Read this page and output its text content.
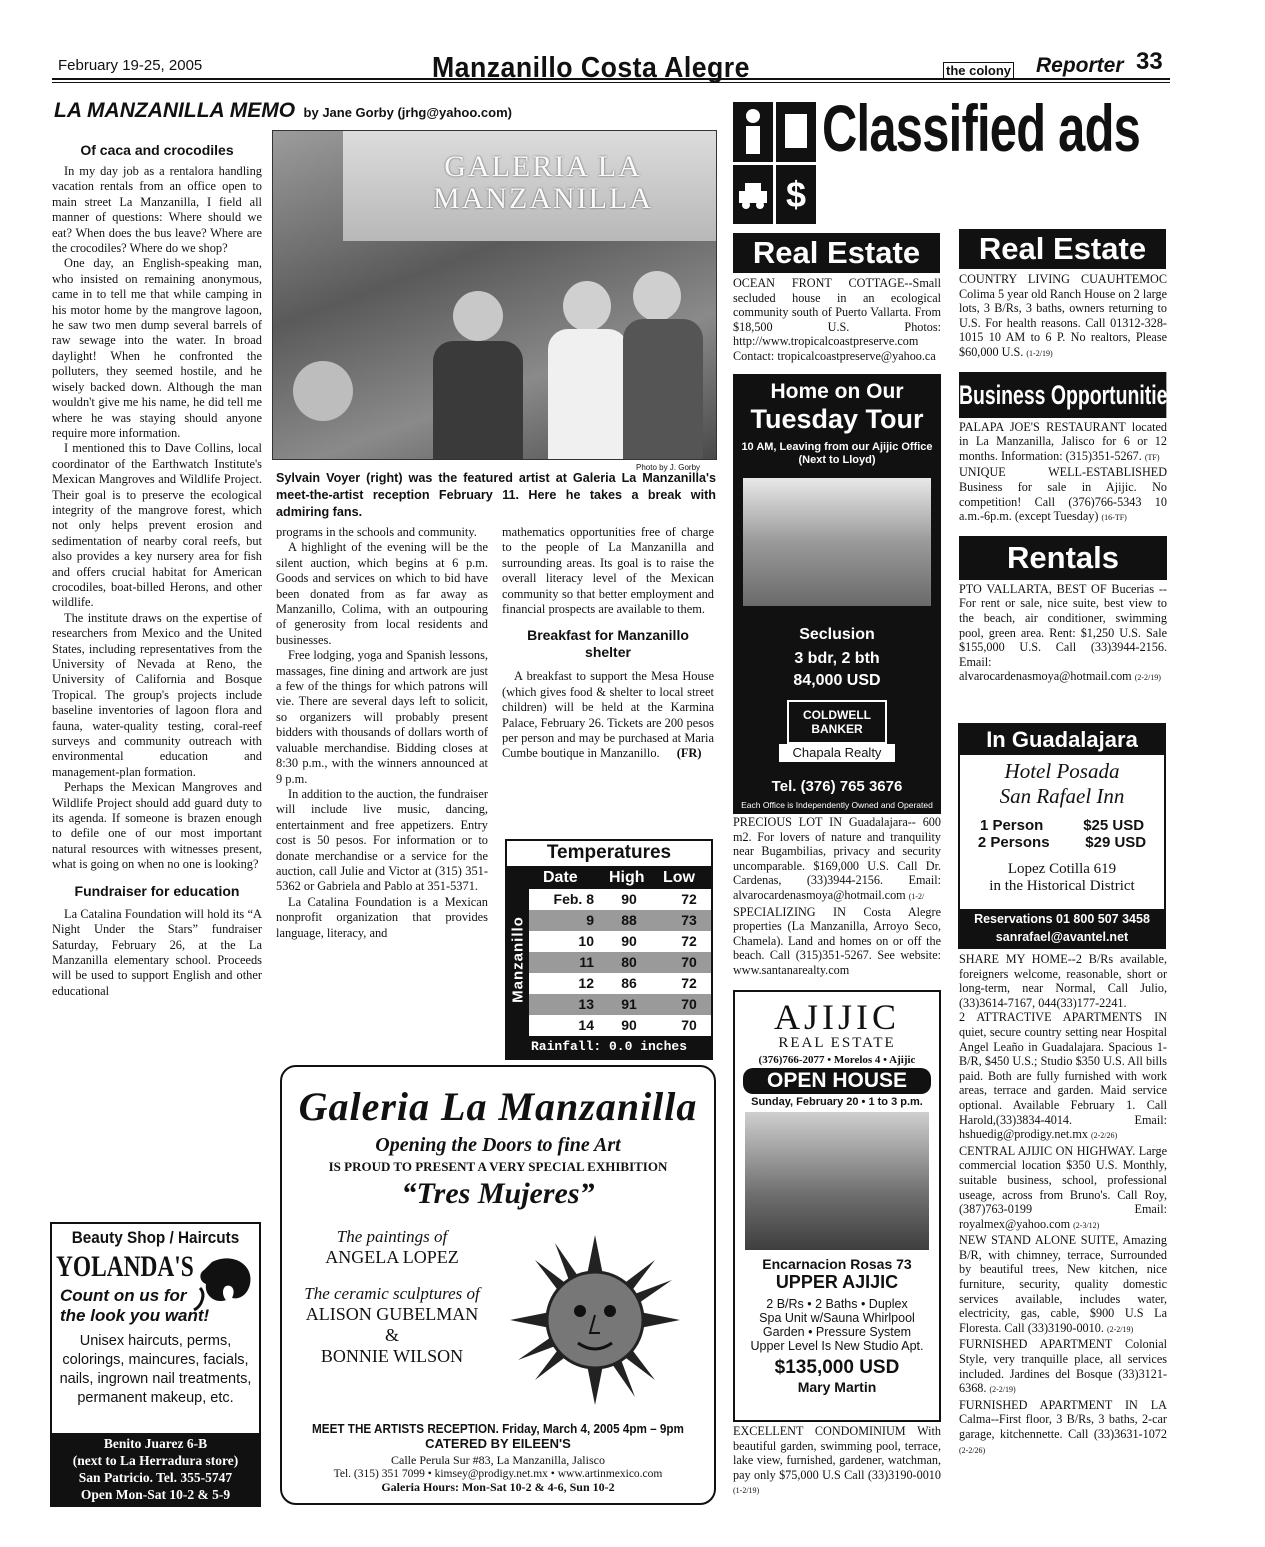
February 19-25, 2005	Manzanillo Costa Alegre	the colony Reporter 33
LA MANZANILLA MEMO by Jane Gorby (jrhg@yahoo.com)
Of caca and crocodiles

In my day job as a rentalora handling vacation rentals from an office open to main street La Manzanilla, I field all manner of questions: Where should we eat? When does the bus leave? Where are the crocodiles? Where do we shop?

One day, an English-speaking man, who insisted on remaining anonymous, came in to tell me that while camping in his motor home by the mangrove lagoon, he saw two men dump several barrels of raw sewage into the water. In broad daylight! When he confronted the polluters, they seemed hostile, and he wisely backed down. Although the man wouldn't give me his name, he did tell me where he was staying should anyone require more information.

I mentioned this to Dave Collins, local coordinator of the Earthwatch Institute's Mexican Mangroves and Wildlife Project. Their goal is to preserve the ecological integrity of the mangrove forest, which not only helps prevent erosion and sedimentation of nearby coral reefs, but also provides a key nursery area for fish and offers crucial habitat for American crocodiles, boat-billed Herons, and other wildlife.

The institute draws on the expertise of researchers from Mexico and the United States, including representatives from the University of Nevada at Reno, the University of California and Bosque Tropical. The group's projects include baseline inventories of lagoon flora and fauna, water-quality testing, coral-reef surveys and community outreach with environmental education and management-plan formation.

Perhaps the Mexican Mangroves and Wildlife Project should add guard duty to its agenda. If someone is brazen enough to defile one of our most important natural resources with witnesses present, what is going on when no one is looking?

Fundraiser for education

La Catalina Foundation will hold its “A Night Under the Stars” fundraiser Saturday, February 26, at the La Manzanilla elementary school. Proceeds will be used to support English and other educational

Beauty Shop / Haircuts
YOLANDA'S
Count on us for the look you want!
Unisex haircuts, perms, colorings, maincures, facials, nails, ingrown nail treatments, permanent makeup, etc.
Benito Juarez 6-B
(next to La Herradura store)
San Patricio. Tel. 355-5747
Open Mon-Sat 10-2 & 5-9
GALERIA LA MANZANILLA
Photo by J. Gorby
Sylvain Voyer (right) was the featured artist at Galeria La Manzanilla's meet-the-artist reception February 11. Here he takes a break with admiring fans.

programs in the schools and community.

A highlight of the evening will be the silent auction, which begins at 6 p.m. Goods and services on which to bid have been donated from as far away as Manzanillo, Colima, with an outpouring of generosity from local residents and businesses.

Free lodging, yoga and Spanish lessons, massages, fine dining and artwork are just a few of the things for which patrons will vie. There are several days left to solicit, so organizers will probably present bidders with thousands of dollars worth of valuable merchandise. Bidding closes at 8:30 p.m., with the winners announced at 9 p.m.

In addition to the auction, the fundraiser will include live music, dancing, entertainment and free appetizers. Entry cost is 50 pesos. For information or to donate merchandise or a service for the auction, call Julie and Victor at (315) 351-5362 or Gabriela and Pablo at 351-5371.

La Catalina Foundation is a Mexican nonprofit organization that provides language, literacy, and

mathematics opportunities free of charge to the people of La Manzanilla and surrounding areas. Its goal is to raise the overall literacy level of the Mexican community so that better employment and financial prospects are available to them.

Breakfast for Manzanillo shelter

A breakfast to support the Mesa House (which gives food & shelter to local street children) will be held at the Karmina Palace, February 26. Tickets are 200 pesos per person and may be purchased at Maria Cumbe boutique in Manzanillo. (FR)

Temperatures
Date High Low
Manzanillo
Feb. 8	90	72
9	88	73
10	90	72
11	80	70
12	86	72
13	91	70
14	90	70
Rainfall: 0.0 inches
Galeria La Manzanilla
Opening the Doors to fine Art
IS PROUD TO PRESENT A VERY SPECIAL EXHIBITION
“Tres Mujeres”
The paintings of
ANGELA LOPEZ
The ceramic sculptures of
ALISON GUBELMAN
&
BONNIE WILSON
MEET THE ARTISTS RECEPTION. Friday, March 4, 2005 4pm – 9pm
CATERED BY EILEEN'S
Calle Perula Sur #83, La Manzanilla, Jalisco
Tel. (315) 351 7099 • kimsey@prodigy.net.mx • www.artinmexico.com
Galeria Hours: Mon-Sat 10-2 & 4-6, Sun 10-2
$
Classified ads
Real Estate
OCEAN FRONT COTTAGE--Small secluded house in an ecological community south of Puerto Vallarta. From $18,500 U.S. Photos: http://www.tropicalcoastpreserve.com Contact: tropicalcoastpreserve@yahoo.ca
Home on Our
Tuesday Tour
10 AM, Leaving from our Ajijic Office (Next to Lloyd)
Seclusion
3 bdr, 2 bth
84,000 USD
COLDWELL
BANKER
Chapala Realty
Tel. (376) 765 3676
Each Office is Independently Owned and Operated
PRECIOUS LOT IN Guadalajara-- 600 m2. For lovers of nature and tranquility near Bugambilias, privacy and security uncomparable. $169,000 U.S. Call Dr. Cardenas, (33)3944-2156. Email: alvarocardenasmoya@hotmail.com (1-2/
SPECIALIZING IN Costa Alegre properties (La Manzanilla, Arroyo Seco, Chamela). Land and homes on or off the beach. Call (315)351-5267. See website: www.santanarealty.com
AJIJIC
REAL ESTATE
(376)766-2077 • Morelos 4 • Ajijic
OPEN HOUSE
Sunday, February 20 • 1 to 3 p.m.
Encarnacion Rosas 73
UPPER AJIJIC
2 B/Rs • 2 Baths • Duplex
Spa Unit w/Sauna Whirlpool
Garden • Pressure System
Upper Level Is New Studio Apt.
$135,000 USD
Mary Martin
EXCELLENT CONDOMINIUM With beautiful garden, swimming pool, terrace, lake view, furnished, gardener, watchman, pay only $75,000 U.S Call (33)3190-0010 (1-2/19)
Real Estate
COUNTRY LIVING CUAUHTEMOC Colima 5 year old Ranch House on 2 large lots, 3 B/Rs, 3 baths, owners returning to U.S. For health reasons. Call 01312-328-1015 10 AM to 6 P. No realtors, Please $60,000 U.S. (1-2/19)
Business Opportunities
PALAPA JOE'S RESTAURANT located in La Manzanilla, Jalisco for 6 or 12 months. Information: (315)351-5267. (TF)
UNIQUE WELL-ESTABLISHED Business for sale in Ajijic. No competition! Call (376)766-5343 10 a.m.-6p.m. (except Tuesday) (16-TF)
Rentals
PTO VALLARTA, BEST OF Bucerias -- For rent or sale, nice suite, best view to the beach, air conditioner, swimming pool, green area. Rent: $1,250 U.S. Sale $155,000 U.S. Call (33)3944-2156. Email: alvarocardenasmoya@hotmail.com (2-2/19)
In Guadalajara
Hotel Posada
San Rafael Inn
1 Person	$25 USD
2 Persons $29 USD
Lopez Cotilla 619
in the Historical District
Reservations 01 800 507 3458
sanrafael@avantel.net
SHARE MY HOME--2 B/Rs available, foreigners welcome, reasonable, short or long-term, near Normal, Call Julio, (33)3614-7167, 044(33)177-2241.
2 ATTRACTIVE APARTMENTS IN quiet, secure country setting near Hospital Angel Leaño in Guadalajara. Spacious 1-B/R, $450 U.S.; Studio $350 U.S. All bills paid. Both are fully furnished with work areas, terrace and garden. Maid service optional. Available February 1. Call Harold,(33)3834-4014. Email: hshuedig@prodigy.net.mx (2-2/26)
CENTRAL AJIJIC ON HIGHWAY. Large commercial location $350 U.S. Monthly, suitable business, school, professional useage, across from Bruno's. Call Roy, (387)763-0199 Email: royalmex@yahoo.com (2-3/12)
NEW STAND ALONE SUITE, Amazing B/R, with chimney, terrace, Surrounded by beautiful trees, New kitchen, nice furniture, security, quality domestic services available, includes water, electricity, gas, cable, $900 U.S La Floresta. Call (33)3190-0010. (2-2/19)
FURNISHED APARTMENT Colonial Style, very tranquille place, all services included. Jardines del Bosque (33)3121-6368. (2-2/19)
FURNISHED APARTMENT IN LA Calma--First floor, 3 B/Rs, 3 baths, 2-car garage, kitchennette. Call (33)3631-1072 (2-2/26)
